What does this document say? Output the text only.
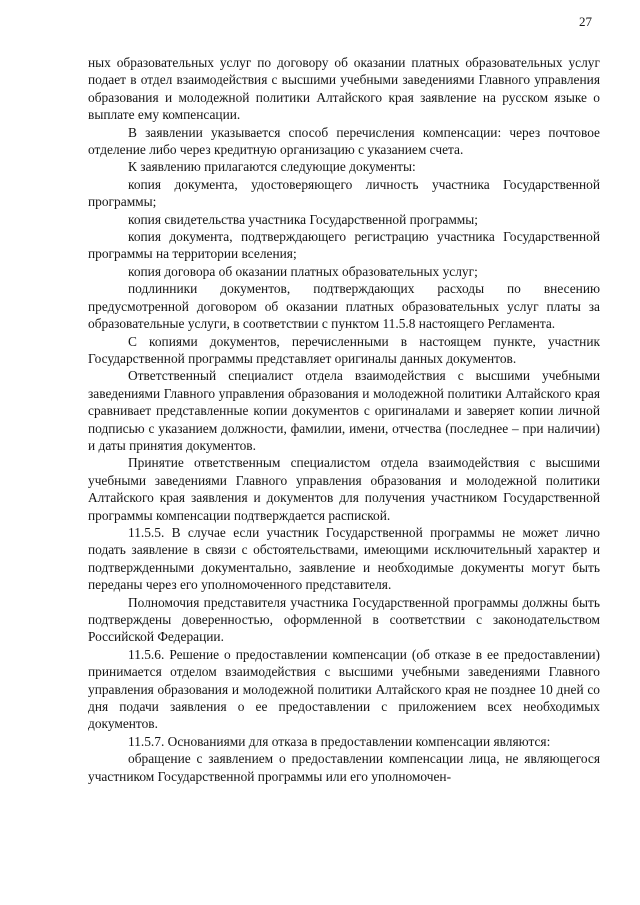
27

ных образовательных услуг по договору об оказании платных образовательных услуг подает в отдел взаимодействия с высшими учебными заведениями Главного управления образования и молодежной политики Алтайского края заявление на русском языке о выплате ему компенсации.

В заявлении указывается способ перечисления компенсации: через почтовое отделение либо через кредитную организацию с указанием счета.

К заявлению прилагаются следующие документы:

копия документа, удостоверяющего личность участника Государственной программы;

копия свидетельства участника Государственной программы;

копия документа, подтверждающего регистрацию участника Государственной программы на территории вселения;

копия договора об оказании платных образовательных услуг;

подлинники документов, подтверждающих расходы по внесению предусмотренной договором об оказании платных образовательных услуг платы за образовательные услуги, в соответствии с пунктом 11.5.8 настоящего Регламента.

С копиями документов, перечисленными в настоящем пункте, участник Государственной программы представляет оригиналы данных документов.

Ответственный специалист отдела взаимодействия с высшими учебными заведениями Главного управления образования и молодежной политики Алтайского края сравнивает представленные копии документов с оригиналами и заверяет копии личной подписью с указанием должности, фамилии, имени, отчества (последнее – при наличии) и даты принятия документов.

Принятие ответственным специалистом отдела взаимодействия с высшими учебными заведениями Главного управления образования и молодежной политики Алтайского края заявления и документов для получения участником Государственной программы компенсации подтверждается распиской.

11.5.5. В случае если участник Государственной программы не может лично подать заявление в связи с обстоятельствами, имеющими исключительный характер и подтвержденными документально, заявление и необходимые документы могут быть переданы через его уполномоченного представителя.

Полномочия представителя участника Государственной программы должны быть подтверждены доверенностью, оформленной в соответствии с законодательством Российской Федерации.

11.5.6. Решение о предоставлении компенсации (об отказе в ее предоставлении) принимается отделом взаимодействия с высшими учебными заведениями Главного управления образования и молодежной политики Алтайского края не позднее 10 дней со дня подачи заявления о ее предоставлении с приложением всех необходимых документов.

11.5.7. Основаниями для отказа в предоставлении компенсации являются:

обращение с заявлением о предоставлении компенсации лица, не являющегося участником Государственной программы или его уполномочен-
